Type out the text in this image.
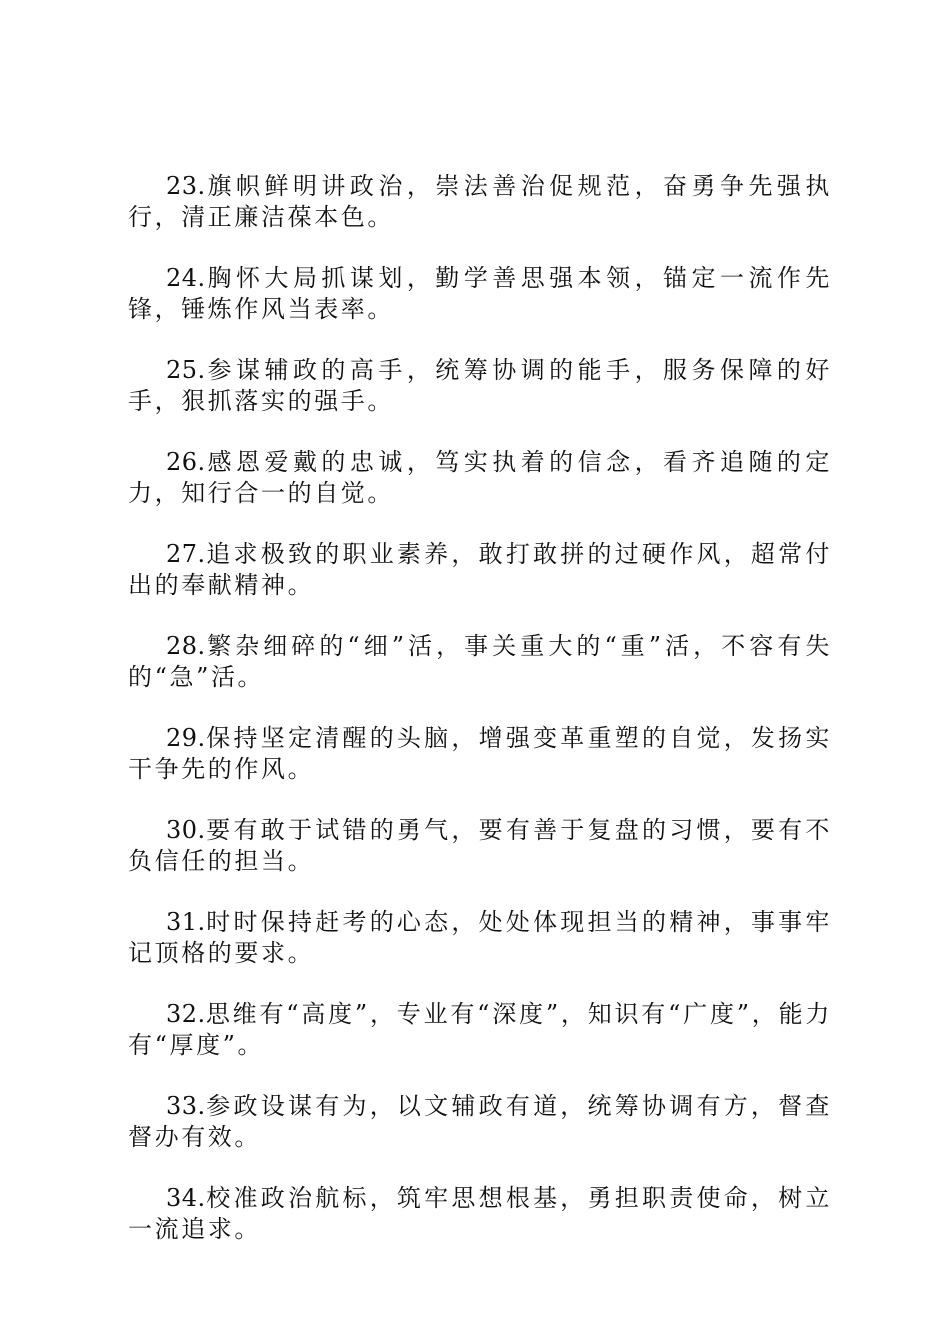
23.旗帜鲜明讲政治，崇法善治促规范，奋勇争先强执行，清正廉洁葆本色。

24.胸怀大局抓谋划，勤学善思强本领，锚定一流作先锋，锤炼作风当表率。

25.参谋辅政的高手，统筹协调的能手，服务保障的好手，狠抓落实的强手。

26.感恩爱戴的忠诚，笃实执着的信念，看齐追随的定力，知行合一的自觉。

27.追求极致的职业素养，敢打敢拼的过硬作风，超常付出的奉献精神。

28.繁杂细碎的“细”活，事关重大的“重”活，不容有失的“急”活。

29.保持坚定清醒的头脑，增强变革重塑的自觉，发扬实干争先的作风。

30.要有敢于试错的勇气，要有善于复盘的习惯，要有不负信任的担当。

31.时时保持赶考的心态，处处体现担当的精神，事事牢记顶格的要求。

32.思维有“高度”，专业有“深度”，知识有“广度”，能力有“厚度”。

33.参政设谋有为，以文辅政有道，统筹协调有方，督查督办有效。

34.校准政治航标，筑牢思想根基，勇担职责使命，树立一流追求。
